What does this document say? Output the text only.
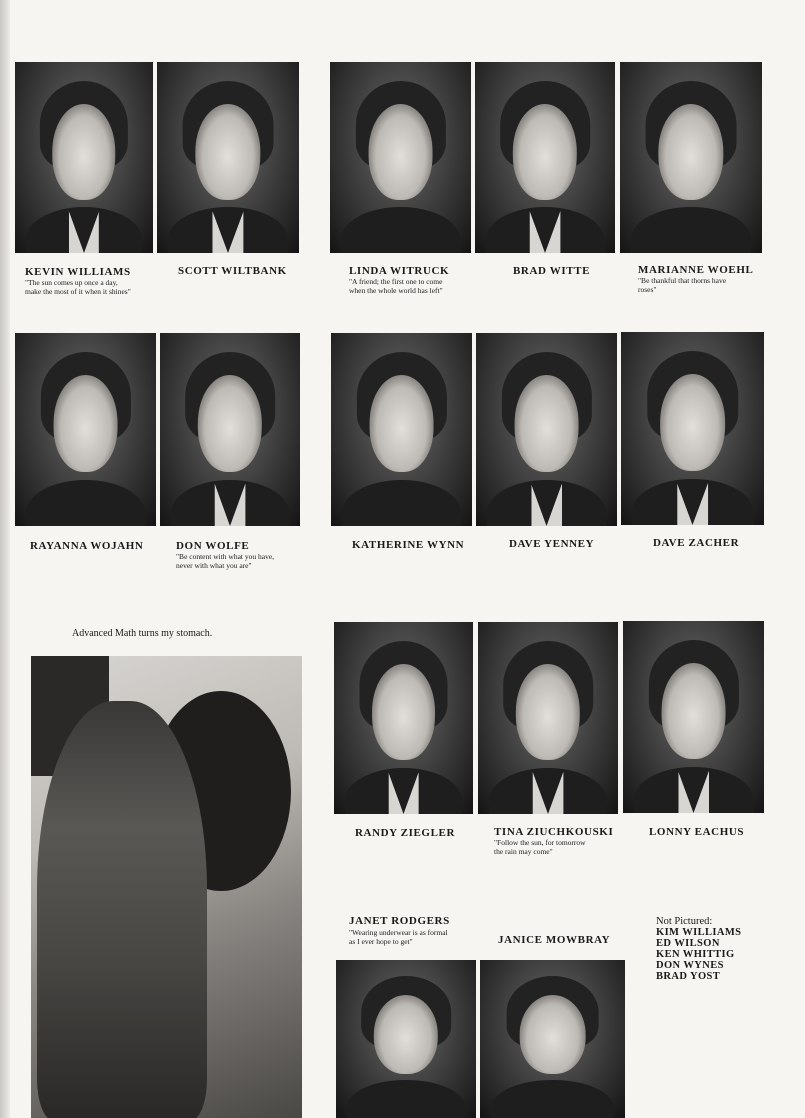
KEVIN WILLIAMS
"The sun comes up once a day,
make the most of it when it shines"
SCOTT WILTBANK	LINDA WITRUCK
"A friend; the first one to come
when the whole world has left"
BRAD WITTE	MARIANNE WOEHL
"Be thankful that thorns have
roses"
RAYANNA WOJAHN	DON WOLFE
"Be content with what you have,
never with what you are"
KATHERINE WYNN	DAVE YENNEY	DAVE ZACHER
Advanced Math turns my stomach.
RANDY ZIEGLER	TINA ZIUCHKOUSKI
"Follow the sun, for tomorrow
the rain may come"
LONNY EACHUS
JANET RODGERS
"Wearing underwear is as formal
as I ever hope to get"	JANICE MOWBRAY
Not Pictured:
KIM WILLIAMS
ED WILSON
KEN WHITTIG
DON WYNES
BRAD YOST
